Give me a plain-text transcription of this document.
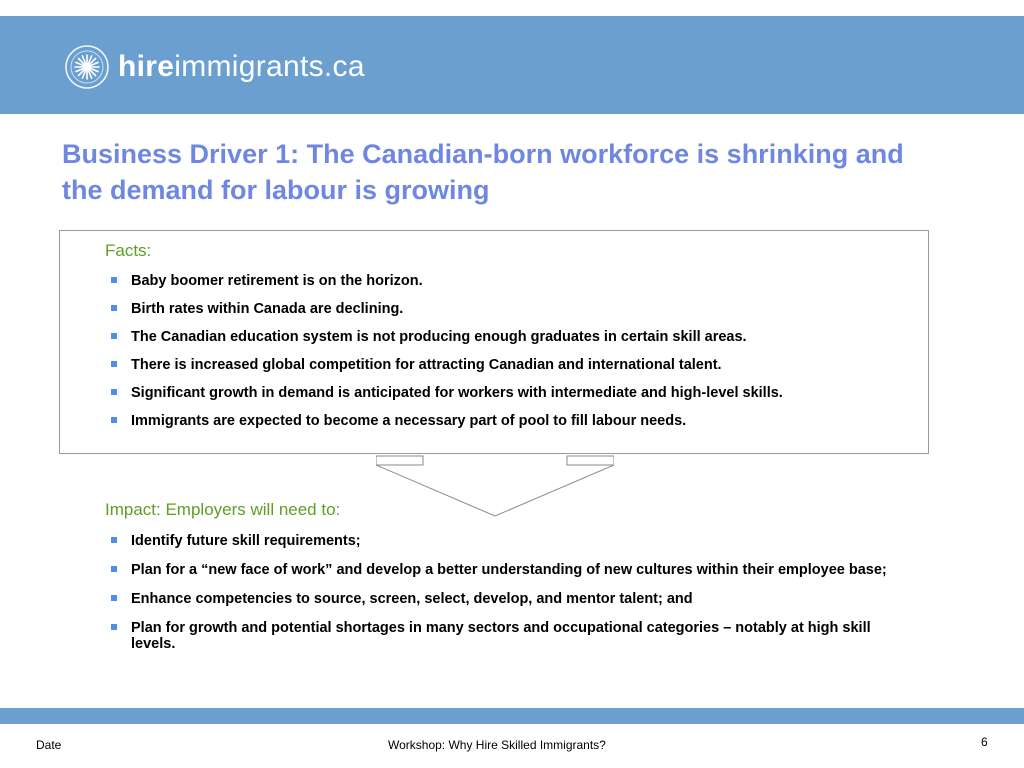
hireimmigrants.ca
Business Driver 1: The Canadian-born workforce is shrinking and the demand for labour is growing
Facts:
Baby boomer retirement is on the horizon.
Birth rates within Canada are declining.
The Canadian education system is not producing enough graduates in certain skill areas.
There is increased global competition for attracting Canadian and international talent.
Significant growth in demand is anticipated for workers with intermediate and high-level skills.
Immigrants are expected to become a necessary part of pool to fill labour needs.
Impact: Employers will need to:
Identify future skill requirements;
Plan for a “new face of work” and develop a better understanding of new cultures within their employee base;
Enhance competencies to source, screen, select, develop, and mentor talent; and
Plan for growth and potential shortages in many sectors and occupational categories – notably at high skill levels.
Date	Workshop: Why Hire Skilled Immigrants?	6
